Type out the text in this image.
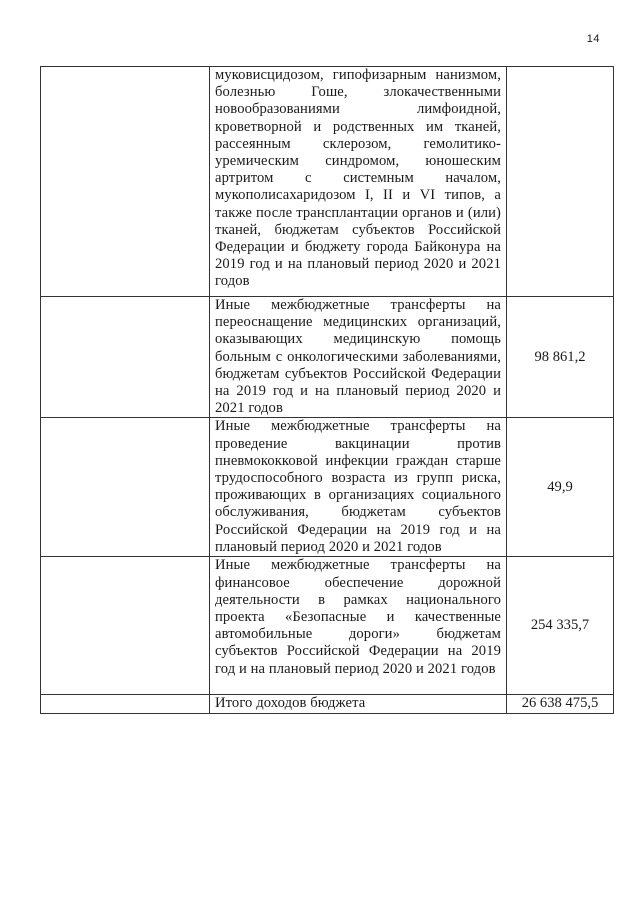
14

	муковисцидозом, гипофизарным нанизмом, болезнью Гоше, злокачественными новообразованиями лимфоидной, кроветворной и родственных им тканей, рассеянным склерозом, гемолитико-уремическим синдромом, юношеским артритом с системным началом, мукополисахаридозом I, II и VI типов, а также после трансплантации органов и (или) тканей, бюджетам субъектов Российской Федерации и бюджету города Байконура на 2019 год и на плановый период 2020 и 2021 годов	

	Иные межбюджетные трансферты на переоснащение медицинских организаций, оказывающих медицинскую помощь больным с онкологическими заболеваниями, бюджетам субъектов Российской Федерации на 2019 год и на плановый период 2020 и 2021 годов	98 861,2

	Иные межбюджетные трансферты на проведение вакцинации против пневмококковой инфекции граждан старше трудоспособного возраста из групп риска, проживающих в организациях социального обслуживания, бюджетам субъектов Российской Федерации на 2019 год и на плановый период 2020 и 2021 годов	49,9

	Иные межбюджетные трансферты на финансовое обеспечение дорожной деятельности в рамках национального проекта «Безопасные и качественные автомобильные дороги» бюджетам субъектов Российской Федерации на 2019 год и на плановый период 2020 и 2021 годов	254 335,7

	Итого доходов бюджета	26 638 475,5
